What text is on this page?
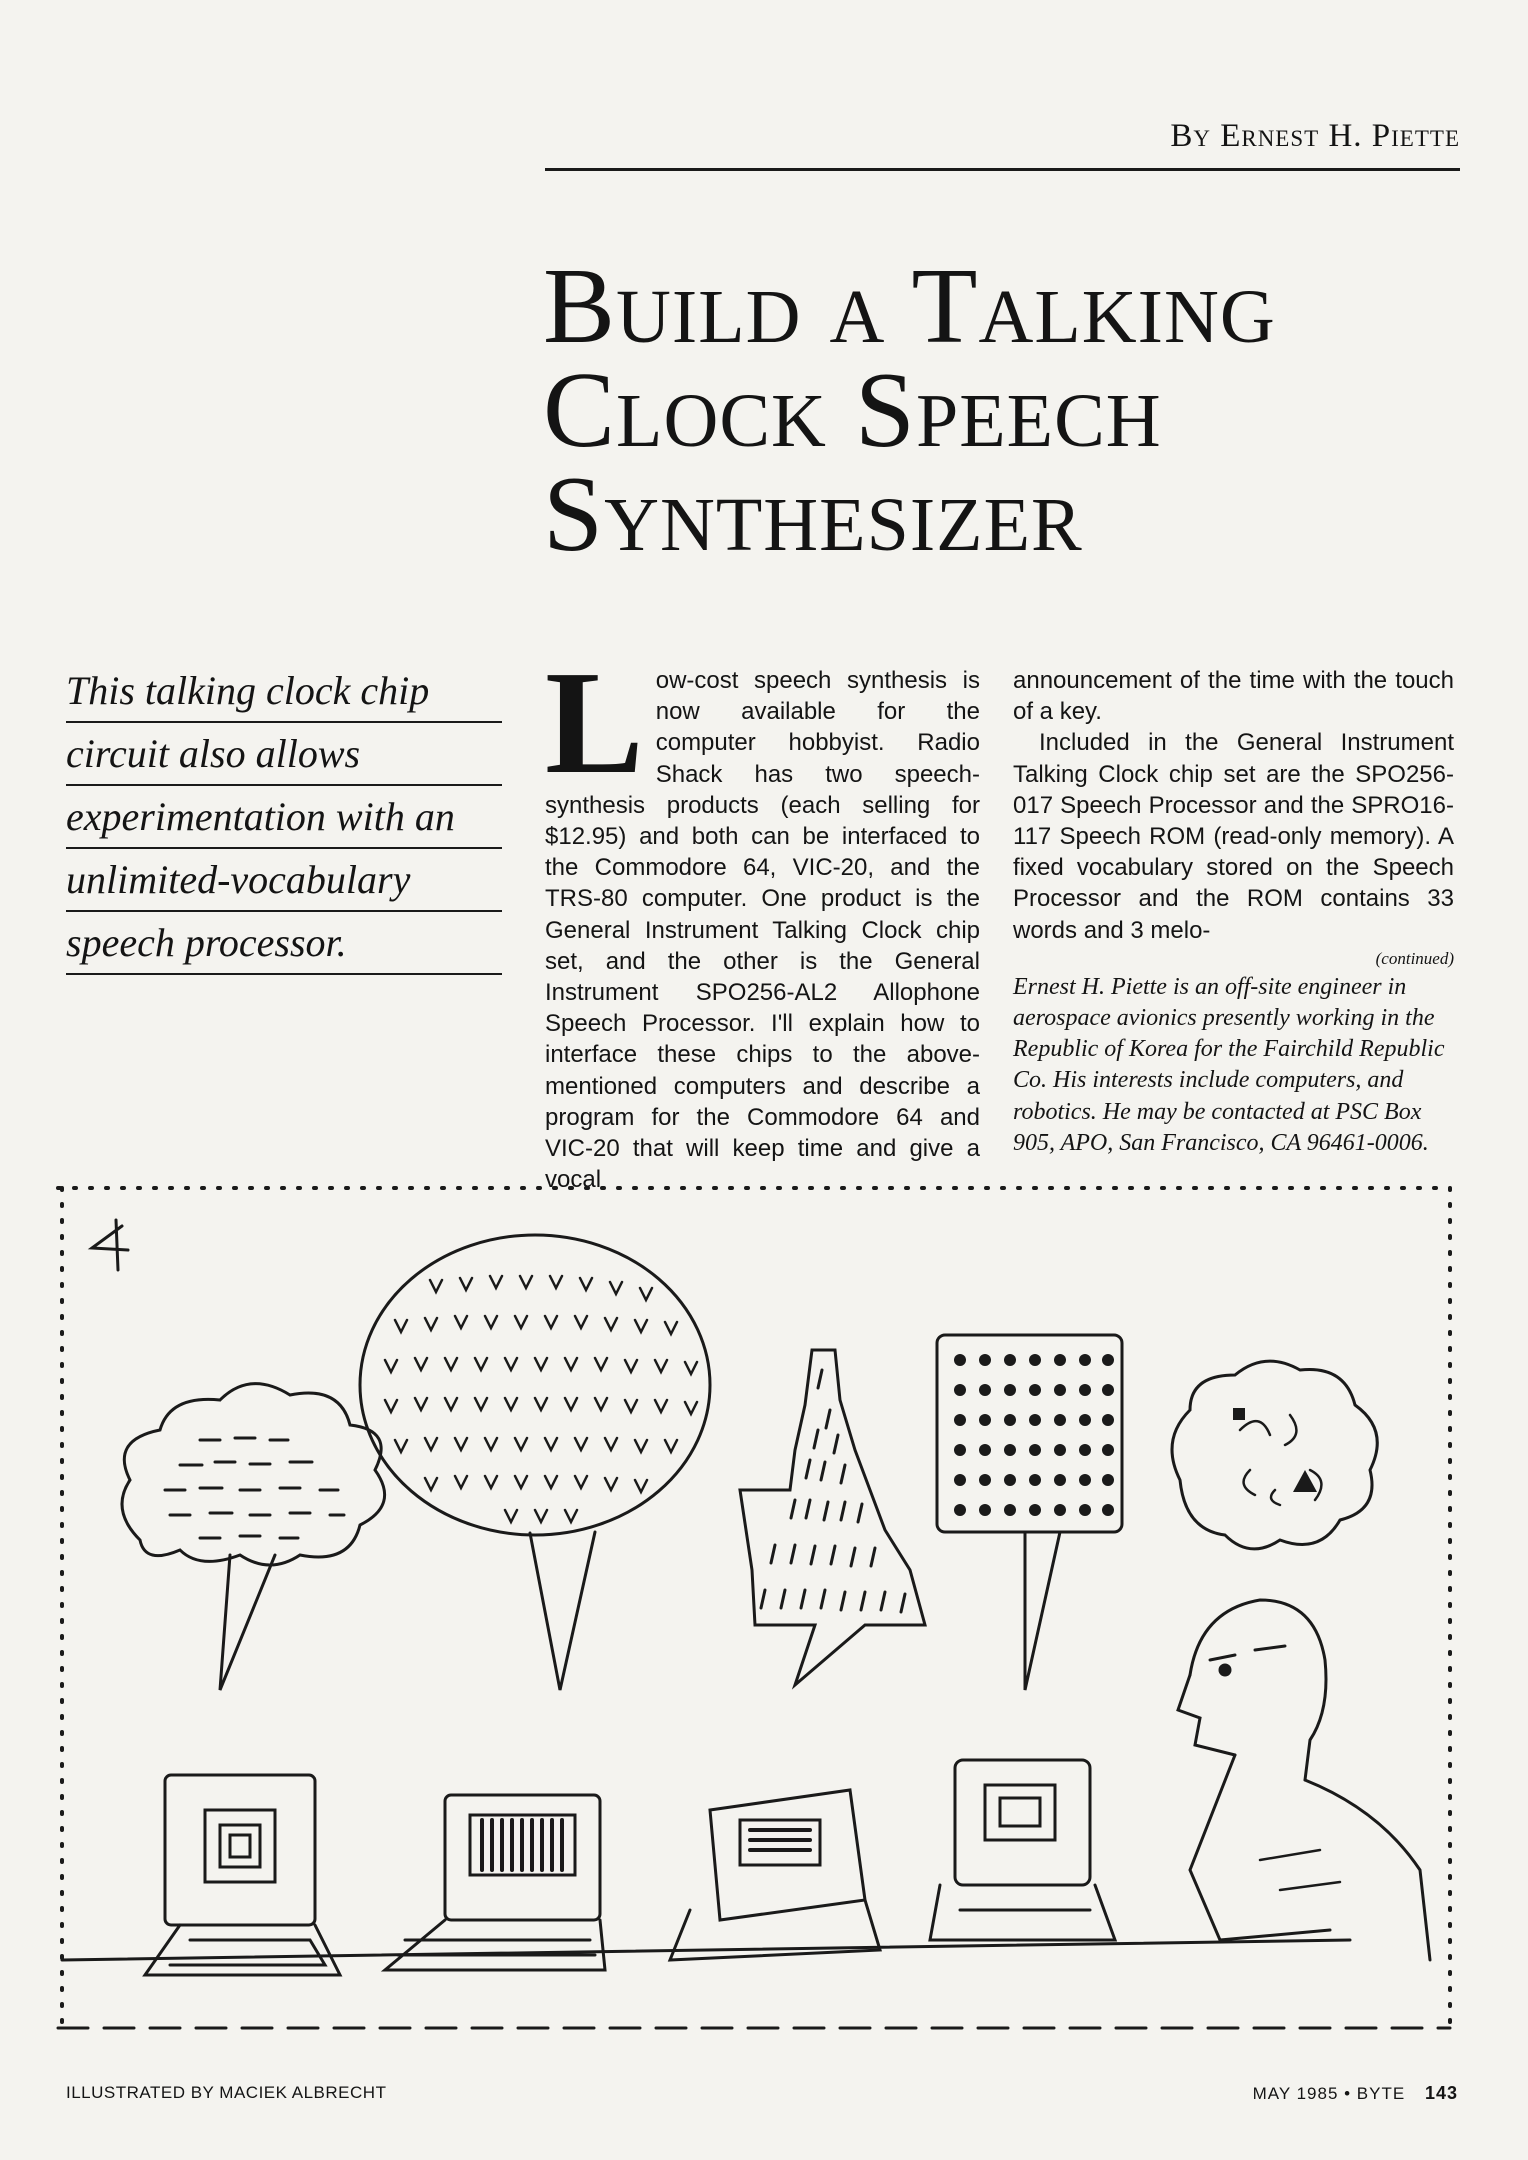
By Ernest H. Piette
Build a Talking
Clock Speech
Synthesizer
This talking clock chip
circuit also allows
experimentation with an
unlimited-vocabulary
speech processor.
L ow-cost speech synthesis is now available for the computer hobbyist. Radio Shack has two speech-synthesis products (each selling for $12.95) and both can be interfaced to the Commodore 64, VIC-20, and the TRS-80 computer. One product is the General Instrument Talking Clock chip set, and the other is the General Instrument SPO256-AL2 Allophone Speech Processor. I'll explain how to interface these chips to the above-mentioned computers and describe a program for the Commodore 64 and VIC-20 that will keep time and give a vocal

announcement of the time with the touch of a key.

Included in the General Instrument Talking Clock chip set are the SPO256-017 Speech Processor and the SPRO16-117 Speech ROM (read-only memory). A fixed vocabulary stored on the Speech Processor and the ROM contains 33 words and 3 melo-

(continued)

Ernest H. Piette is an off-site engineer in aerospace avionics presently working in the Republic of Korea for the Fairchild Republic Co. His interests include computers, and robotics. He may be contacted at PSC Box 905, APO, San Francisco, CA 96461-0006.

ILLUSTRATED BY MACIEK ALBRECHT	MAY 1985 • BYTE 143
